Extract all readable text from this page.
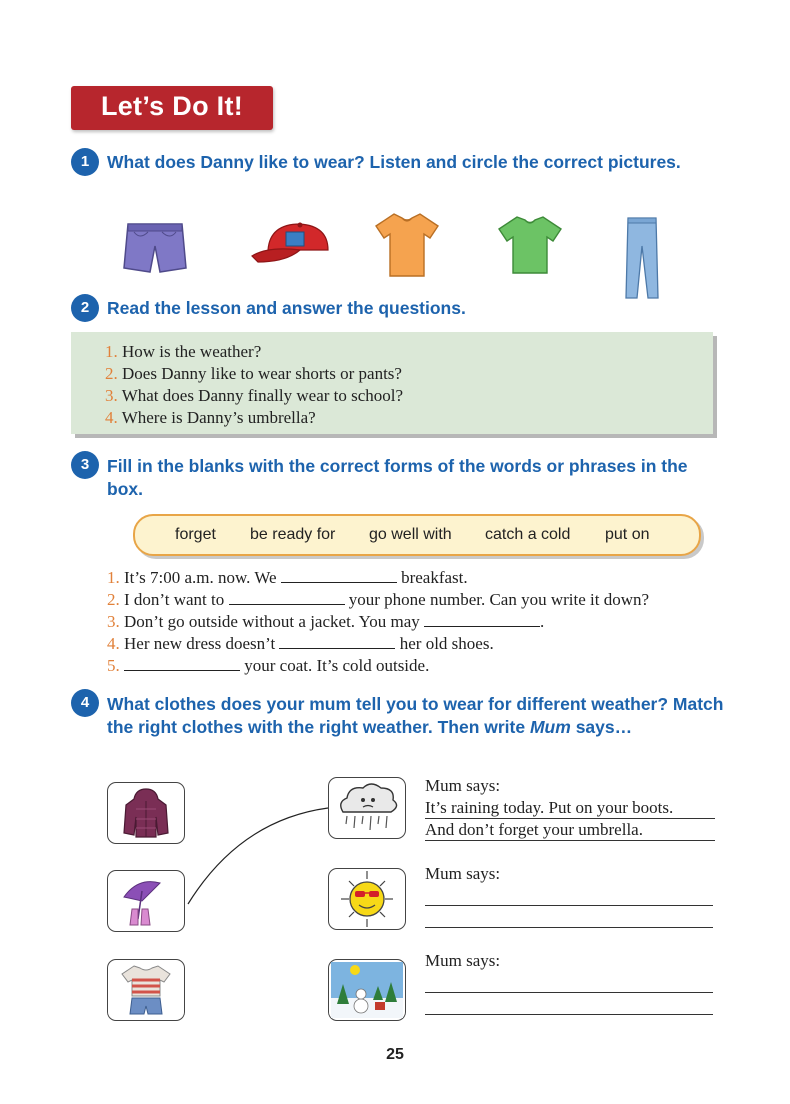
Let’s Do It!
1	What does Danny like to wear? Listen and circle the correct pictures.
2	Read the lesson and answer the questions.
1. How is the weather?
2. Does Danny like to wear shorts or pants?
3. What does Danny finally wear to school?
4. Where is Danny’s umbrella?
3	Fill in the blanks with the correct forms of the words or phrases in the box.
forget be ready for go well with catch a cold put on
1. It’s 7:00 a.m. now. We	breakfast.
2. I don’t want to	your phone number. Can you write it down?
3. Don’t go outside without a jacket. You may	.
4. Her new dress doesn’t	her old shoes.
5.	your coat. It’s cold outside.
4	What clothes does your mum tell you to wear for different weather? Match the right clothes with the right weather. Then write Mum says…
Mum says:
It’s raining today. Put on your boots.
And don’t forget your umbrella.
Mum says:
Mum says:
25
